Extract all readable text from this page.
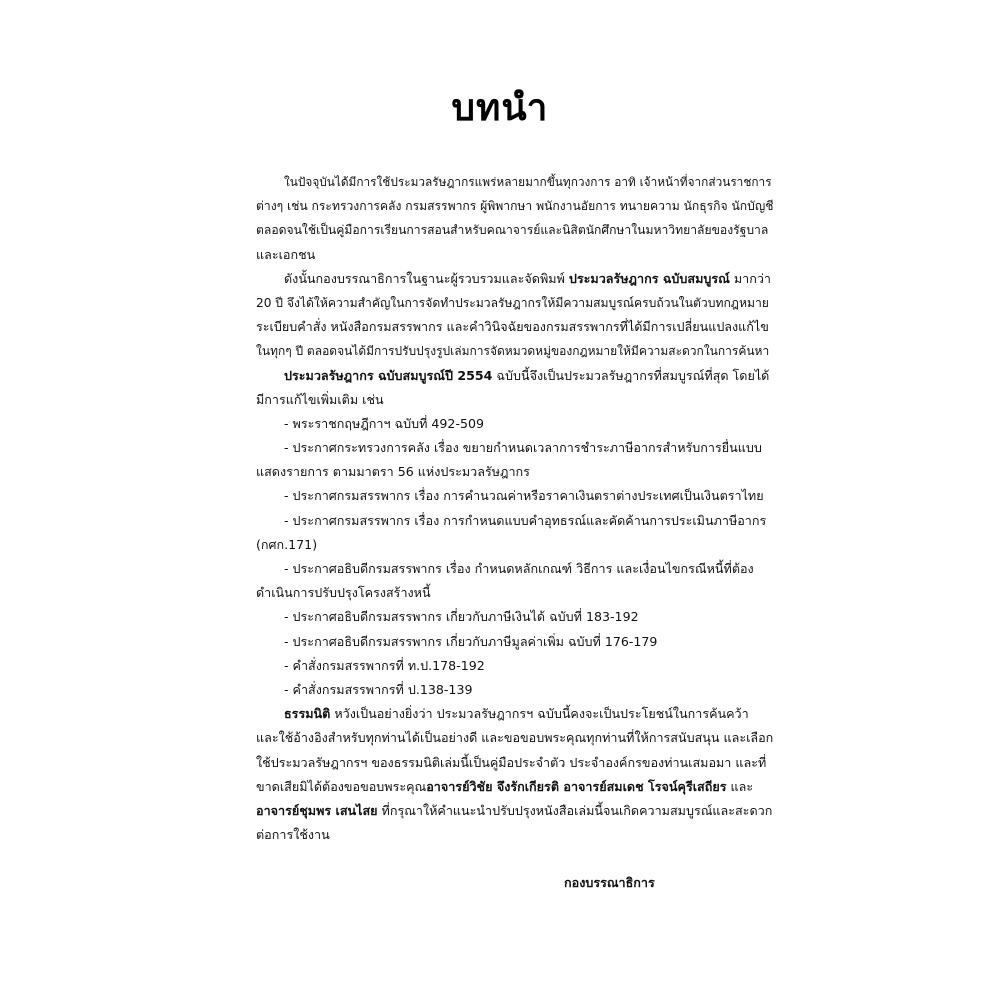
บทนำ
ในปัจจุบันได้มีการใช้ประมวลรัษฎากรแพร่หลายมากขึ้นทุกวงการ อาทิ เจ้าหน้าที่จากส่วนราชการ
ต่างๆ เช่น กระทรวงการคลัง กรมสรรพากร ผู้พิพากษา พนักงานอัยการ ทนายความ นักธุรกิจ นักบัญชี
ตลอดจนใช้เป็นคู่มือการเรียนการสอนสำหรับคณาจารย์และนิสิตนักศึกษาในมหาวิทยาลัยของรัฐบาล
และเอกชน
ดังนั้นกองบรรณาธิการในฐานะผู้รวบรวมและจัดพิมพ์ ประมวลรัษฎากร ฉบับสมบูรณ์ มากว่า
20 ปี จึงได้ให้ความสำคัญในการจัดทำประมวลรัษฎากรให้มีความสมบูรณ์ครบถ้วนในตัวบทกฎหมาย
ระเบียบคำสั่ง หนังสือกรมสรรพากร และคำวินิจฉัยของกรมสรรพากรที่ได้มีการเปลี่ยนแปลงแก้ไข
ในทุกๆ ปี ตลอดจนได้มีการปรับปรุงรูปเล่มการจัดหมวดหมู่ของกฎหมายให้มีความสะดวกในการค้นหา
ประมวลรัษฎากร ฉบับสมบูรณ์ปี 2554 ฉบับนี้จึงเป็นประมวลรัษฎากรที่สมบูรณ์ที่สุด โดยได้
มีการแก้ไขเพิ่มเติม เช่น
- พระราชกฤษฎีกาฯ ฉบับที่ 492-509
- ประกาศกระทรวงการคลัง เรื่อง ขยายกำหนดเวลาการชำระภาษีอากรสำหรับการยื่นแบบ
แสดงรายการ ตามมาตรา 56 แห่งประมวลรัษฎากร
- ประกาศกรมสรรพากร เรื่อง การคำนวณค่าหรือราคาเงินตราต่างประเทศเป็นเงินตราไทย
- ประกาศกรมสรรพากร เรื่อง การกำหนดแบบคำอุทธรณ์และคัดค้านการประเมินภาษีอากร
(กศก.171)
- ประกาศอธิบดีกรมสรรพากร เรื่อง กำหนดหลักเกณฑ์ วิธีการ และเงื่อนไขกรณีหนี้ที่ต้อง
ดำเนินการปรับปรุงโครงสร้างหนี้
- ประกาศอธิบดีกรมสรรพากร เกี่ยวกับภาษีเงินได้ ฉบับที่ 183-192
- ประกาศอธิบดีกรมสรรพากร เกี่ยวกับภาษีมูลค่าเพิ่ม ฉบับที่ 176-179
- คำสั่งกรมสรรพากรที่ ท.ป.178-192
- คำสั่งกรมสรรพากรที่ ป.138-139
ธรรมนิติ หวังเป็นอย่างยิ่งว่า ประมวลรัษฎากรฯ ฉบับนี้คงจะเป็นประโยชน์ในการค้นคว้า
และใช้อ้างอิงสำหรับทุกท่านได้เป็นอย่างดี และขอขอบพระคุณทุกท่านที่ให้การสนับสนุน และเลือก
ใช้ประมวลรัษฎากรฯ ของธรรมนิติเล่มนี้เป็นคู่มือประจำตัว ประจำองค์กรของท่านเสมอมา และที่
ขาดเสียมิได้ต้องขอขอบพระคุณอาจารย์วิชัย จึงรักเกียรติ อาจารย์สมเดช โรจน์คุรีเสถียร และ
อาจารย์ชุมพร เสนไสย ที่กรุณาให้คำแนะนำปรับปรุงหนังสือเล่มนี้จนเกิดความสมบูรณ์และสะดวก
ต่อการใช้งาน
กองบรรณาธิการ
